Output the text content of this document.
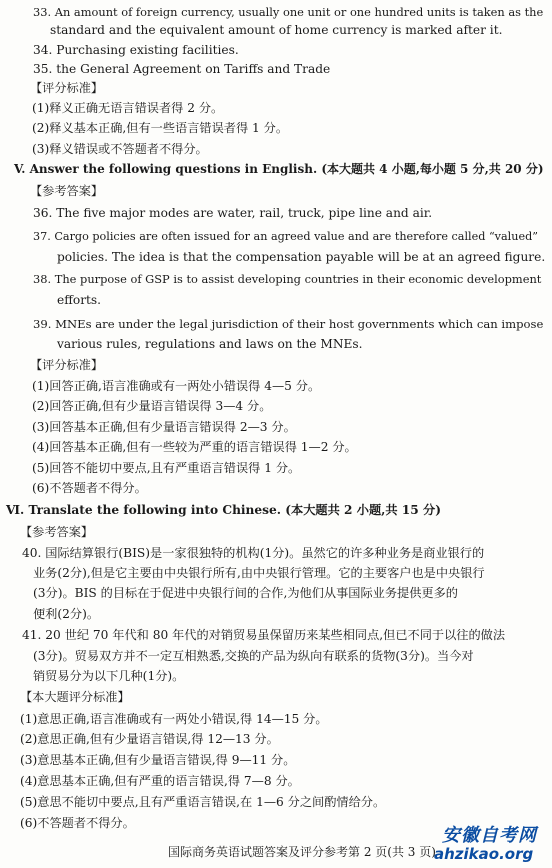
33. An amount of foreign currency, usually one unit or one hundred units is taken as the
standard and the equivalent amount of home currency is marked after it.
34. Purchasing existing facilities.
35. the General Agreement on Tariffs and Trade
【评分标准】
(1)释义正确无语言错误者得 2 分。
(2)释义基本正确,但有一些语言错误者得 1 分。
(3)释义错误或不答题者不得分。
V. Answer the following questions in English. (本大题共 4 小题,每小题 5 分,共 20 分)
【参考答案】
36. The five major modes are water, rail, truck, pipe line and air.
37. Cargo policies are often issued for an agreed value and are therefore called “valued”
policies. The idea is that the compensation payable will be at an agreed figure.
38. The purpose of GSP is to assist developing countries in their economic development
efforts.
39. MNEs are under the legal jurisdiction of their host governments which can impose
various rules, regulations and laws on the MNEs.
【评分标准】
(1)回答正确,语言准确或有一两处小错误得 4—5 分。
(2)回答正确,但有少量语言错误得 3—4 分。
(3)回答基本正确,但有少量语言错误得 2—3 分。
(4)回答基本正确,但有一些较为严重的语言错误得 1—2 分。
(5)回答不能切中要点,且有严重语言错误得 1 分。
(6)不答题者不得分。
Ⅵ. Translate the following into Chinese. (本大题共 2 小题,共 15 分)
【参考答案】
40. 国际结算银行(BIS)是一家很独特的机构(1分)。虽然它的许多种业务是商业银行的
业务(2分),但是它主要由中央银行所有,由中央银行管理。它的主要客户也是中央银行
(3分)。BIS 的目标在于促进中央银行间的合作,为他们从事国际业务提供更多的
便利(2分)。
41. 20 世纪 70 年代和 80 年代的对销贸易虽保留历来某些相同点,但已不同于以往的做法
(3分)。贸易双方并不一定互相熟悉,交换的产品为纵向有联系的货物(3分)。当今对
销贸易分为以下几种(1分)。
【本大题评分标准】
(1)意思正确,语言准确或有一两处小错误,得 14—15 分。
(2)意思正确,但有少量语言错误,得 12—13 分。
(3)意思基本正确,但有少量语言错误,得 9—11 分。
(4)意思基本正确,但有严重的语言错误,得 7—8 分。
(5)意思不能切中要点,且有严重语言错误,在 1—6 分之间酌情给分。
(6)不答题者不得分。
国际商务英语试题答案及评分参考第 2 页(共 3 页)
安徽自考网
ahzikao.org
